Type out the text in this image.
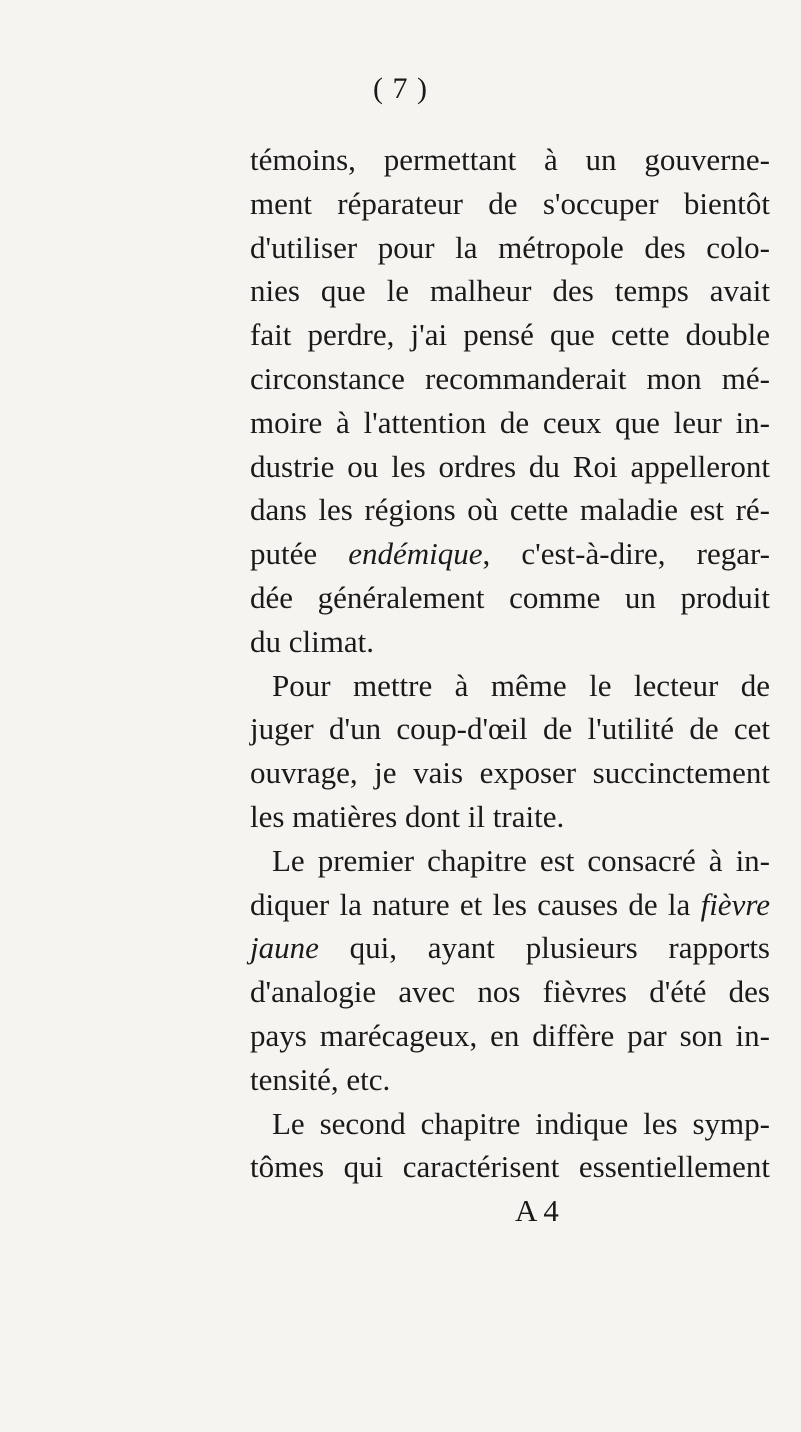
( 7 )
témoins, permettant à un gouverne-
ment réparateur de s'occuper bientôt
d'utiliser pour la métropole des colo-
nies que le malheur des temps avait
fait perdre, j'ai pensé que cette double
circonstance recommanderait mon mé-
moire à l'attention de ceux que leur in-
dustrie ou les ordres du Roi appelleront
dans les régions où cette maladie est ré-
putée endémique, c'est-à-dire, regar-
dée généralement comme un produit
du climat.
Pour mettre à même le lecteur de
juger d'un coup-d'œil de l'utilité de cet
ouvrage, je vais exposer succinctement
les matières dont il traite.
Le premier chapitre est consacré à in-
diquer la nature et les causes de la fièvre
jaune qui, ayant plusieurs rapports
d'analogie avec nos fièvres d'été des
pays marécageux, en diffère par son in-
tensité, etc.
Le second chapitre indique les symp-
tômes qui caractérisent essentiellement
A 4
